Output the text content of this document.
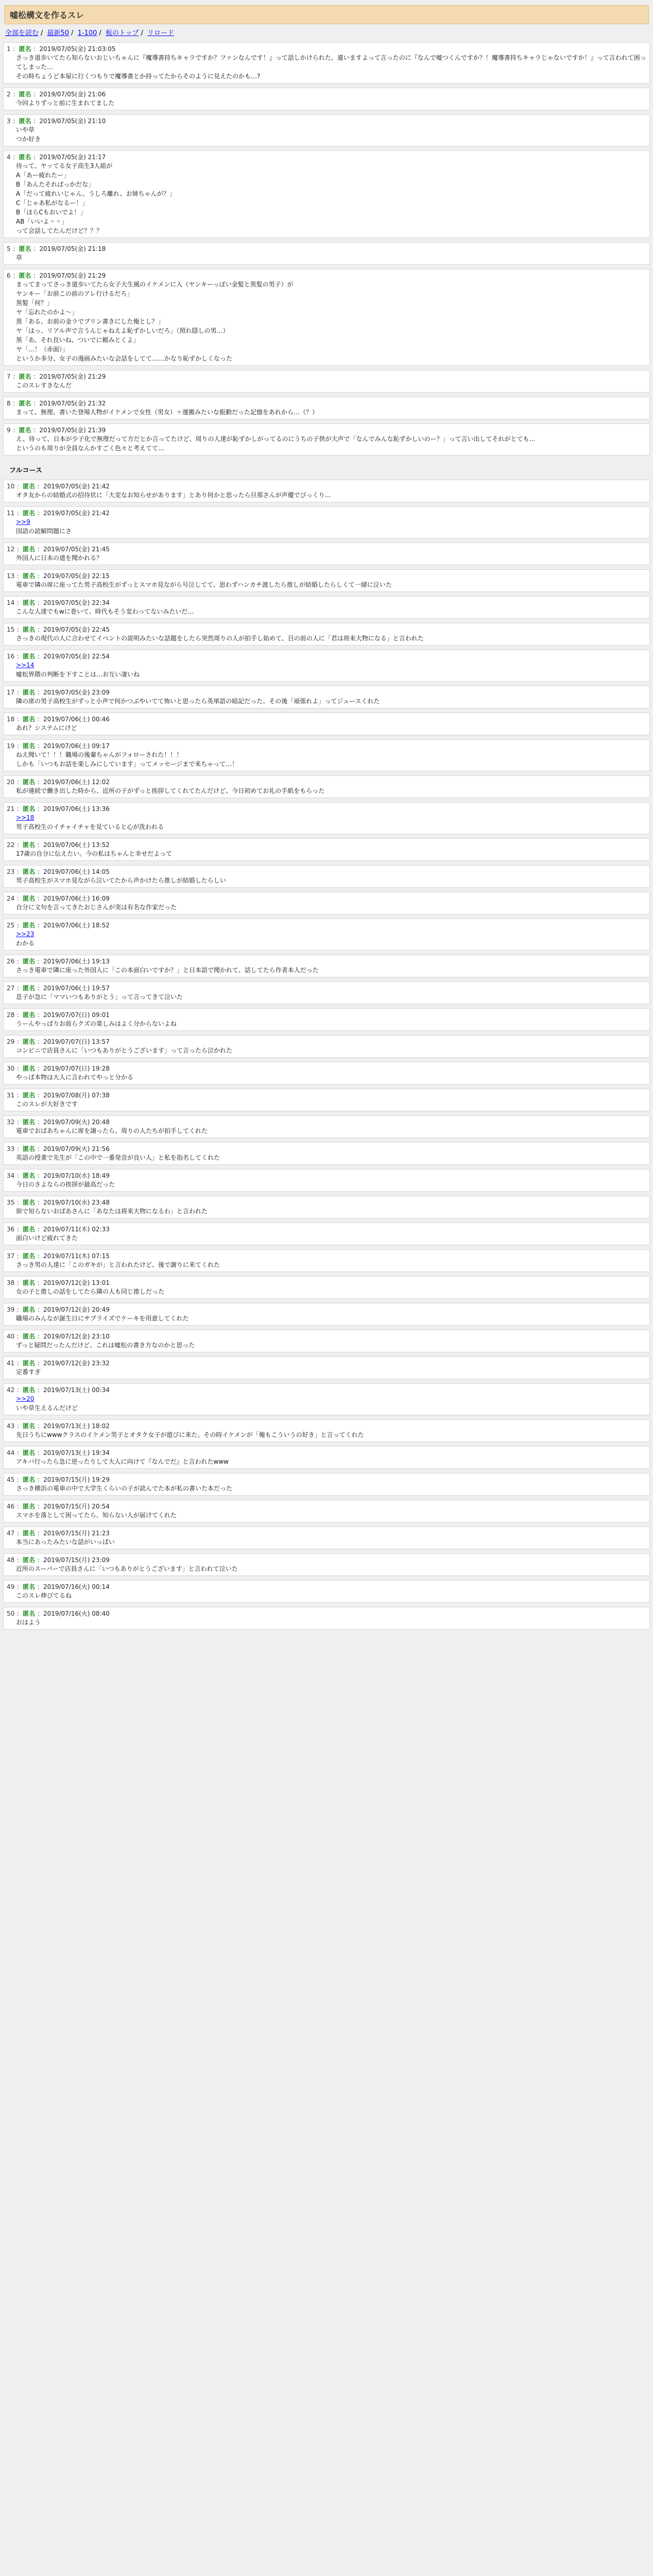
嘘松構文を作るスレ
全部を読む / 最新50 / 1-100 / 板のトップ / リロード
1 ：匿名 ：2019/07/05(金) 21:03:05
さっき道歩いてたら知らないおじいちゃんに『魔導書持ちキャラですか？ファンなんです！』って話しかけられた。違いますよって言ったのに『なんで嘘つくんですか？！魔導書持ちキャラじゃないですか！』って言われて困ってしまった…
その時ちょうど本屋に行くつもりで魔導書とか持ってたからそのように見えたのかも…?
2 ：匿名 ：2019/07/05(金) 21:06
今回よりずっと前に生まれてました
3 ：匿名 ：2019/07/05(金) 21:10
いや草
つか好き
4 ：匿名 ：2019/07/05(金) 21:17
待って、ヤッてる女子高生3人組が
A「あー疲れたー」
B「あんたそればっかだな」
A「だって疲れいじゃん。うしろ離れ、お姉ちゃんが？」
C「じゃあ私がなるー！」
B「ほらCもおいでよ！」
AB「いいよ＾＾」
って会話してたんだけど？？？
5 ：匿名 ：2019/07/05(金) 21:18
草
6 ：匿名 ：2019/07/05(金) 21:29
まってまってさっき道歩いてたら女子大生風のイケメンに入（ヤンキーっぽい金髪と黒髪の男子）が
ヤンキー「お前この前のアレ行けるだろ」
黒髪「何？」
ヤ「忘れたのかよ〜」
黒「ある、お前の金ラでプリン書きにした俺とし？」
ヤ「はっ、リアル声で言うんじゃねえよ恥ずかしいだろ」（照れ隠しの男…）
黒「あ、それ良いね、ついでに頼みとくよ」
ヤ「…！（赤面）」
というか多分、女子の漫画みたいな会話をしてて……かなり恥ずかしくなった
7 ：匿名 ：2019/07/05(金) 21:29
このスレすきなんだ
8 ：匿名 ：2019/07/05(金) 21:32
まって、無理、書いた登場人物がイケメンで女性（男女）＋運搬みたいな振動だった記憶をあれから…（？）
9 ：匿名 ：2019/07/05(金) 21:39
え、待って、日本が少子化で無理だって方だとか言ってたけど、周りの人達が恥ずかしがってるのにうちの子供が大声で「なんでみんな恥ずかしいのー？」って言い出してそれがとても…
というのも周りが全員なんかすごく色々と考えてて…
フルコース
10 ：匿名 ：2019/07/05(金) 21:42
オタ友からの結婚式の招待状に「大変なお知らせがあります」とあり何かと思ったら旦那さんが声優でびっくり…
11 ：匿名 ：2019/07/05(金) 21:42
>>9
国語の読解問題にさ
12 ：匿名 ：2019/07/05(金) 21:45
外国人に日本の道を聞かれる？
13 ：匿名 ：2019/07/05(金) 22:15
電車で隣の席に座ってた男子高校生がずっとスマホ見ながら号泣してて、思わずハンカチ渡したら推しが結婚したらしくて一緒に泣いた
14 ：匿名 ：2019/07/05(金) 22:34
こんな人達でもwに巻いて、時代もそう変わってないみたいだ…
15 ：匿名 ：2019/07/05(金) 22:45
さっきの現代の人に合わせてイベントの説明みたいな話題をしたら突然周りの人が拍手し始めて、目の前の人に「君は将来大物になる」と言われた
16 ：匿名 ：2019/07/05(金) 22:54
>>14
嘘松界隈の判断を下すことは…お互い凄いね
17 ：匿名 ：2019/07/05(金) 23:09
隣の席の男子高校生がずっと小声で何かつぶやいてて怖いと思ったら英単語の暗記だった。その後「頑張れよ」ってジュースくれた
18 ：匿名 ：2019/07/06(土) 00:46
あれ？システムにけど
19 ：匿名 ：2019/07/06(土) 09:17
ねえ聞いて！！！職場の後輩ちゃんがフォローされた！！！
しかも「いつもお話を楽しみにしています」ってメッセージまで来ちゃって…！
20 ：匿名 ：2019/07/06(土) 12:02
私が連続で働き出した時から、近所の子がずっと挨拶してくれてたんだけど、今日初めてお礼の手紙をもらった
21 ：匿名 ：2019/07/06(土) 13:36
>>18
男子高校生のイチャイチャを見ていると心が洗われる
22 ：匿名 ：2019/07/06(土) 13:52
17歳の自分に伝えたい。今の私はちゃんと幸せだよって
23 ：匿名 ：2019/07/06(土) 14:05
男子高校生がスマホ見ながら泣いてたから声かけたら推しが結婚したらしい
24 ：匿名 ：2019/07/06(土) 16:09
自分に文句を言ってきたおじさんが実は有名な作家だった
25 ：匿名 ：2019/07/06(土) 18:52
>>23
わかる
26 ：匿名 ：2019/07/06(土) 19:13
さっき電車で隣に座った外国人に「この本面白いですか？」と日本語で聞かれて、話してたら作者本人だった
27 ：匿名 ：2019/07/06(土) 19:57
息子が急に「ママいつもありがとう」って言ってきて泣いた
28 ：匿名 ：2019/07/07(日) 09:01
うーんやっぱりお前らクズの楽しみはよく分からないよね
29 ：匿名 ：2019/07/07(日) 13:57
コンビニで店員さんに「いつもありがとうございます」って言ったら泣かれた
30 ：匿名 ：2019/07/07(日) 19:28
やっぱ本物は大人に言われてやっと分かる
31 ：匿名 ：2019/07/08(月) 07:38
このスレが大好きです
32 ：匿名 ：2019/07/09(火) 20:48
電車でおばあちゃんに席を譲ったら、周りの人たちが拍手してくれた
33 ：匿名 ：2019/07/09(火) 21:56
英語の授業で先生が「この中で一番発音が良い人」と私を指名してくれた
34 ：匿名 ：2019/07/10(水) 18:49
今日のさよならの挨拶が最高だった
35 ：匿名 ：2019/07/10(水) 23:48
街で知らないおばあさんに「あなたは将来大物になるわ」と言われた
36 ：匿名 ：2019/07/11(木) 02:33
面白いけど疲れてきた
37 ：匿名 ：2019/07/11(木) 07:15
さっき男の人達に「このガキが」と言われたけど、後で謝りに来てくれた
38 ：匿名 ：2019/07/12(金) 13:01
女の子と推しの話をしてたら隣の人も同じ推しだった
39 ：匿名 ：2019/07/12(金) 20:49
職場のみんなが誕生日にサプライズでケーキを用意してくれた
40 ：匿名 ：2019/07/12(金) 23:10
ずっと疑問だったんだけど、これは嘘松の書き方なのかと思った
41 ：匿名 ：2019/07/12(金) 23:32
定番すぎ
42 ：匿名 ：2019/07/13(土) 00:34
>>20
いや草生えるんだけど
43 ：匿名 ：2019/07/13(土) 18:02
先日うちにwwwクラスのイケメン男子とオタク女子が遊びに来た。その時イケメンが「俺もこういうの好き」と言ってくれた
44 ：匿名 ：2019/07/13(土) 19:34
アキバ行ったら急に逆ったりして大人に向けて『なんでだ』と言われたwww
45 ：匿名 ：2019/07/15(月) 19:29
さっき横浜の電車の中で大学生くらいの子が読んでた本が私の書いた本だった
46 ：匿名 ：2019/07/15(月) 20:54
スマホを落として困ってたら、知らない人が届けてくれた
47 ：匿名 ：2019/07/15(月) 21:23
本当にあったみたいな話がいっぱい
48 ：匿名 ：2019/07/15(月) 23:09
近所のスーパーで店員さんに「いつもありがとうございます」と言われて泣いた
49 ：匿名 ：2019/07/16(火) 00:14
このスレ伸びてるね
50 ：匿名 ：2019/07/16(火) 08:40
おはよう
